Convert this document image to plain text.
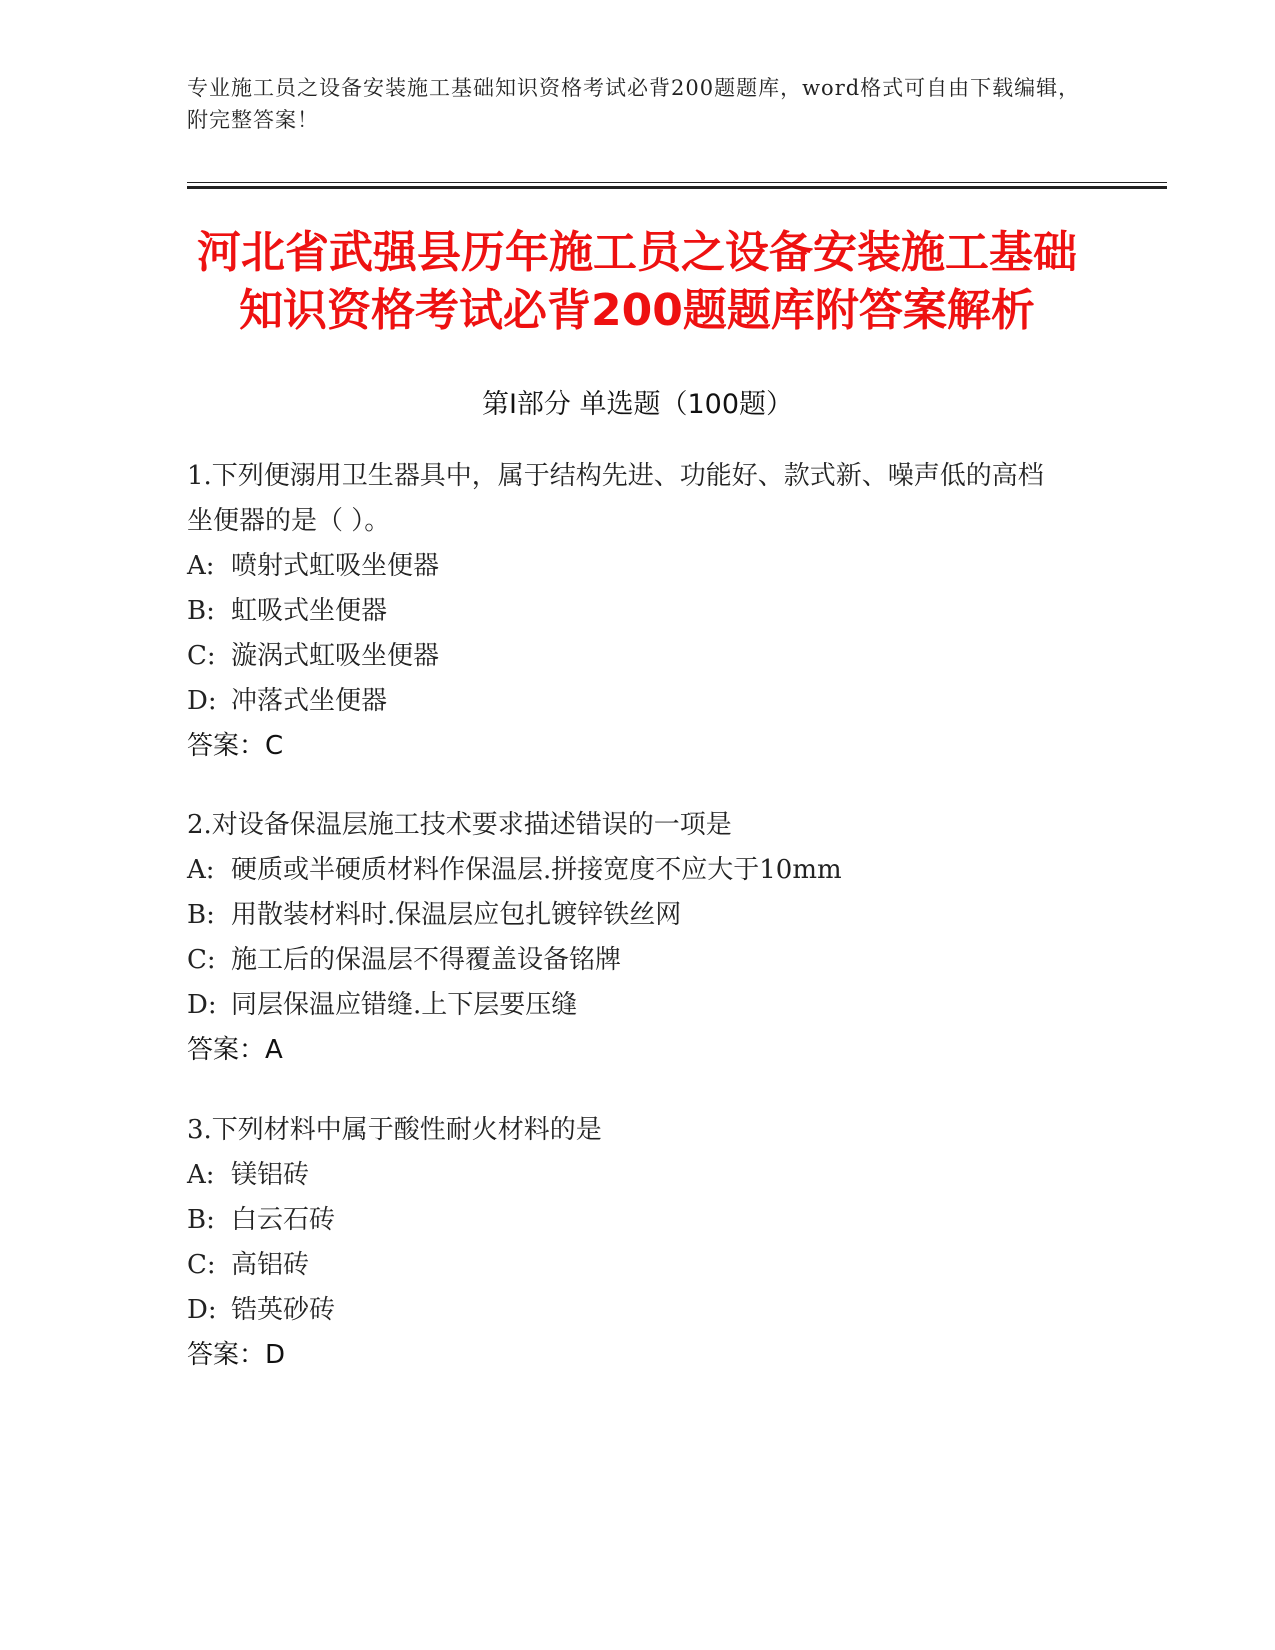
专业施工员之设备安装施工基础知识资格考试必背200题题库，word格式可自由下载编辑，附完整答案！
河北省武强县历年施工员之设备安装施工基础知识资格考试必背200题题库附答案解析
第Ⅰ部分 单选题（100题）

1.下列便溺用卫生器具中，属于结构先进、功能好、款式新、噪声低的高档坐便器的是（ ）。

A: 喷射式虹吸坐便器

B: 虹吸式坐便器

C: 漩涡式虹吸坐便器

D: 冲落式坐便器

答案：C

2.对设备保温层施工技术要求描述错误的一项是

A: 硬质或半硬质材料作保温层.拼接宽度不应大于10mm

B: 用散装材料时.保温层应包扎镀锌铁丝网

C: 施工后的保温层不得覆盖设备铭牌

D: 同层保温应错缝.上下层要压缝

答案：A

3.下列材料中属于酸性耐火材料的是

A: 镁铝砖

B: 白云石砖

C: 高铝砖

D: 锆英砂砖

答案：D
